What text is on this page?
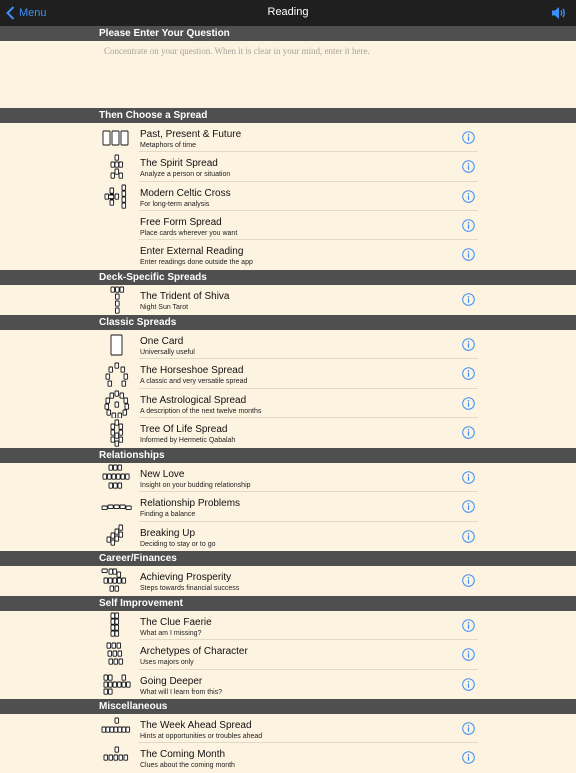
Menu	Reading
Please Enter Your Question
Concentrate on your question. When it is clear in your mind, enter it here.
Then Choose a Spread
Past, Present & Future
Metaphors of time
The Spirit Spread
Analyze a person or situation
Modern Celtic Cross
For long-term analysis
Free Form Spread
Place cards wherever you want
Enter External Reading
Enter readings done outside the app
Deck-Specific Spreads
The Trident of Shiva
Night Sun Tarot
Classic Spreads
One Card
Universally useful
The Horseshoe Spread
A classic and very versatile spread
The Astrological Spread
A description of the next twelve months
Tree Of Life Spread
Informed by Hermetic Qabalah
Relationships
New Love
Insight on your budding relationship
Relationship Problems
Finding a balance
Breaking Up
Deciding to stay or to go
Career/Finances
Achieving Prosperity
Steps towards financial success
Self Improvement
The Clue Faerie
What am I missing?
Archetypes of Character
Uses majors only
Going Deeper
What will I learn from this?
Miscellaneous
The Week Ahead Spread
Hints at opportunities or troubles ahead
The Coming Month
Clues about the coming month
